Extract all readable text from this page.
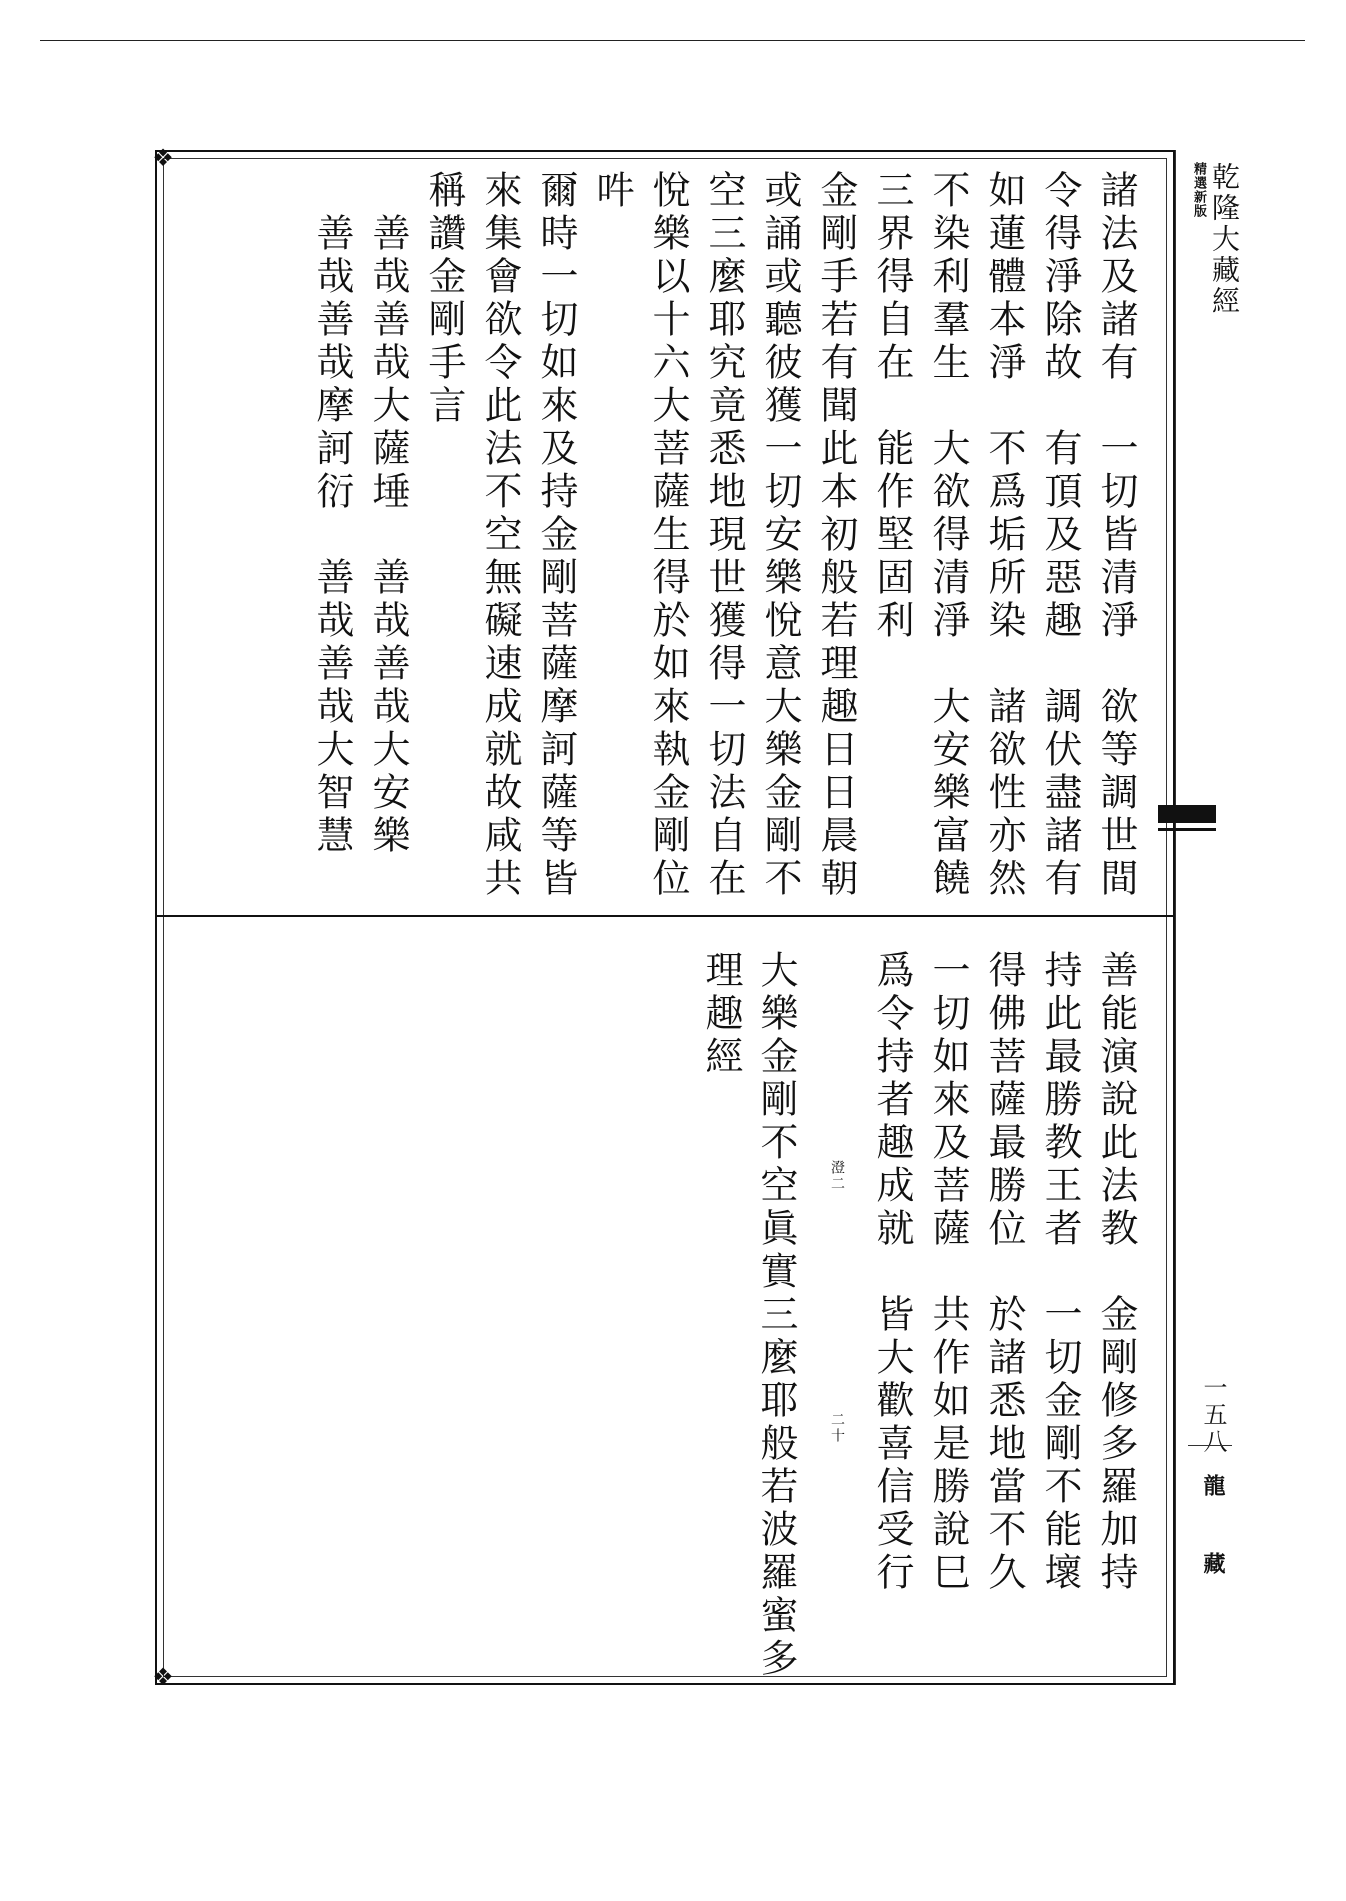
❖
❖
諸法及諸有　一切皆清淨　欲等調世間
令得淨除故　有頂及惡趣　調伏盡諸有
如蓮體本淨　不爲垢所染　諸欲性亦然
不染利羣生　大欲得清淨　大安樂富饒
三界得自在　能作堅固利
金剛手若有聞此本初般若理趣日日晨朝
或誦或聽彼獲一切安樂悅意大樂金剛不
空三麼耶究竟悉地現世獲得一切法自在
悅樂以十六大菩薩生得於如來執金剛位
吽
爾時一切如來及持金剛菩薩摩訶薩等皆
來集會欲令此法不空無礙速成就故咸共
稱讚金剛手言
　善哉善哉大薩埵　善哉善哉大安樂
　善哉善哉摩訶衍　善哉善哉大智慧
善能演說此法教　金剛修多羅加持
持此最勝教王者　一切金剛不能壞
得佛菩薩最勝位　於諸悉地當不久
一切如來及菩薩　共作如是勝說巳
爲令持者趣成就　皆大歡喜信受行
澄二
二十
大樂金剛不空眞實三麼耶般若波羅蜜多
理趣經
精選新版 乾隆大藏經
一五八
龍藏
